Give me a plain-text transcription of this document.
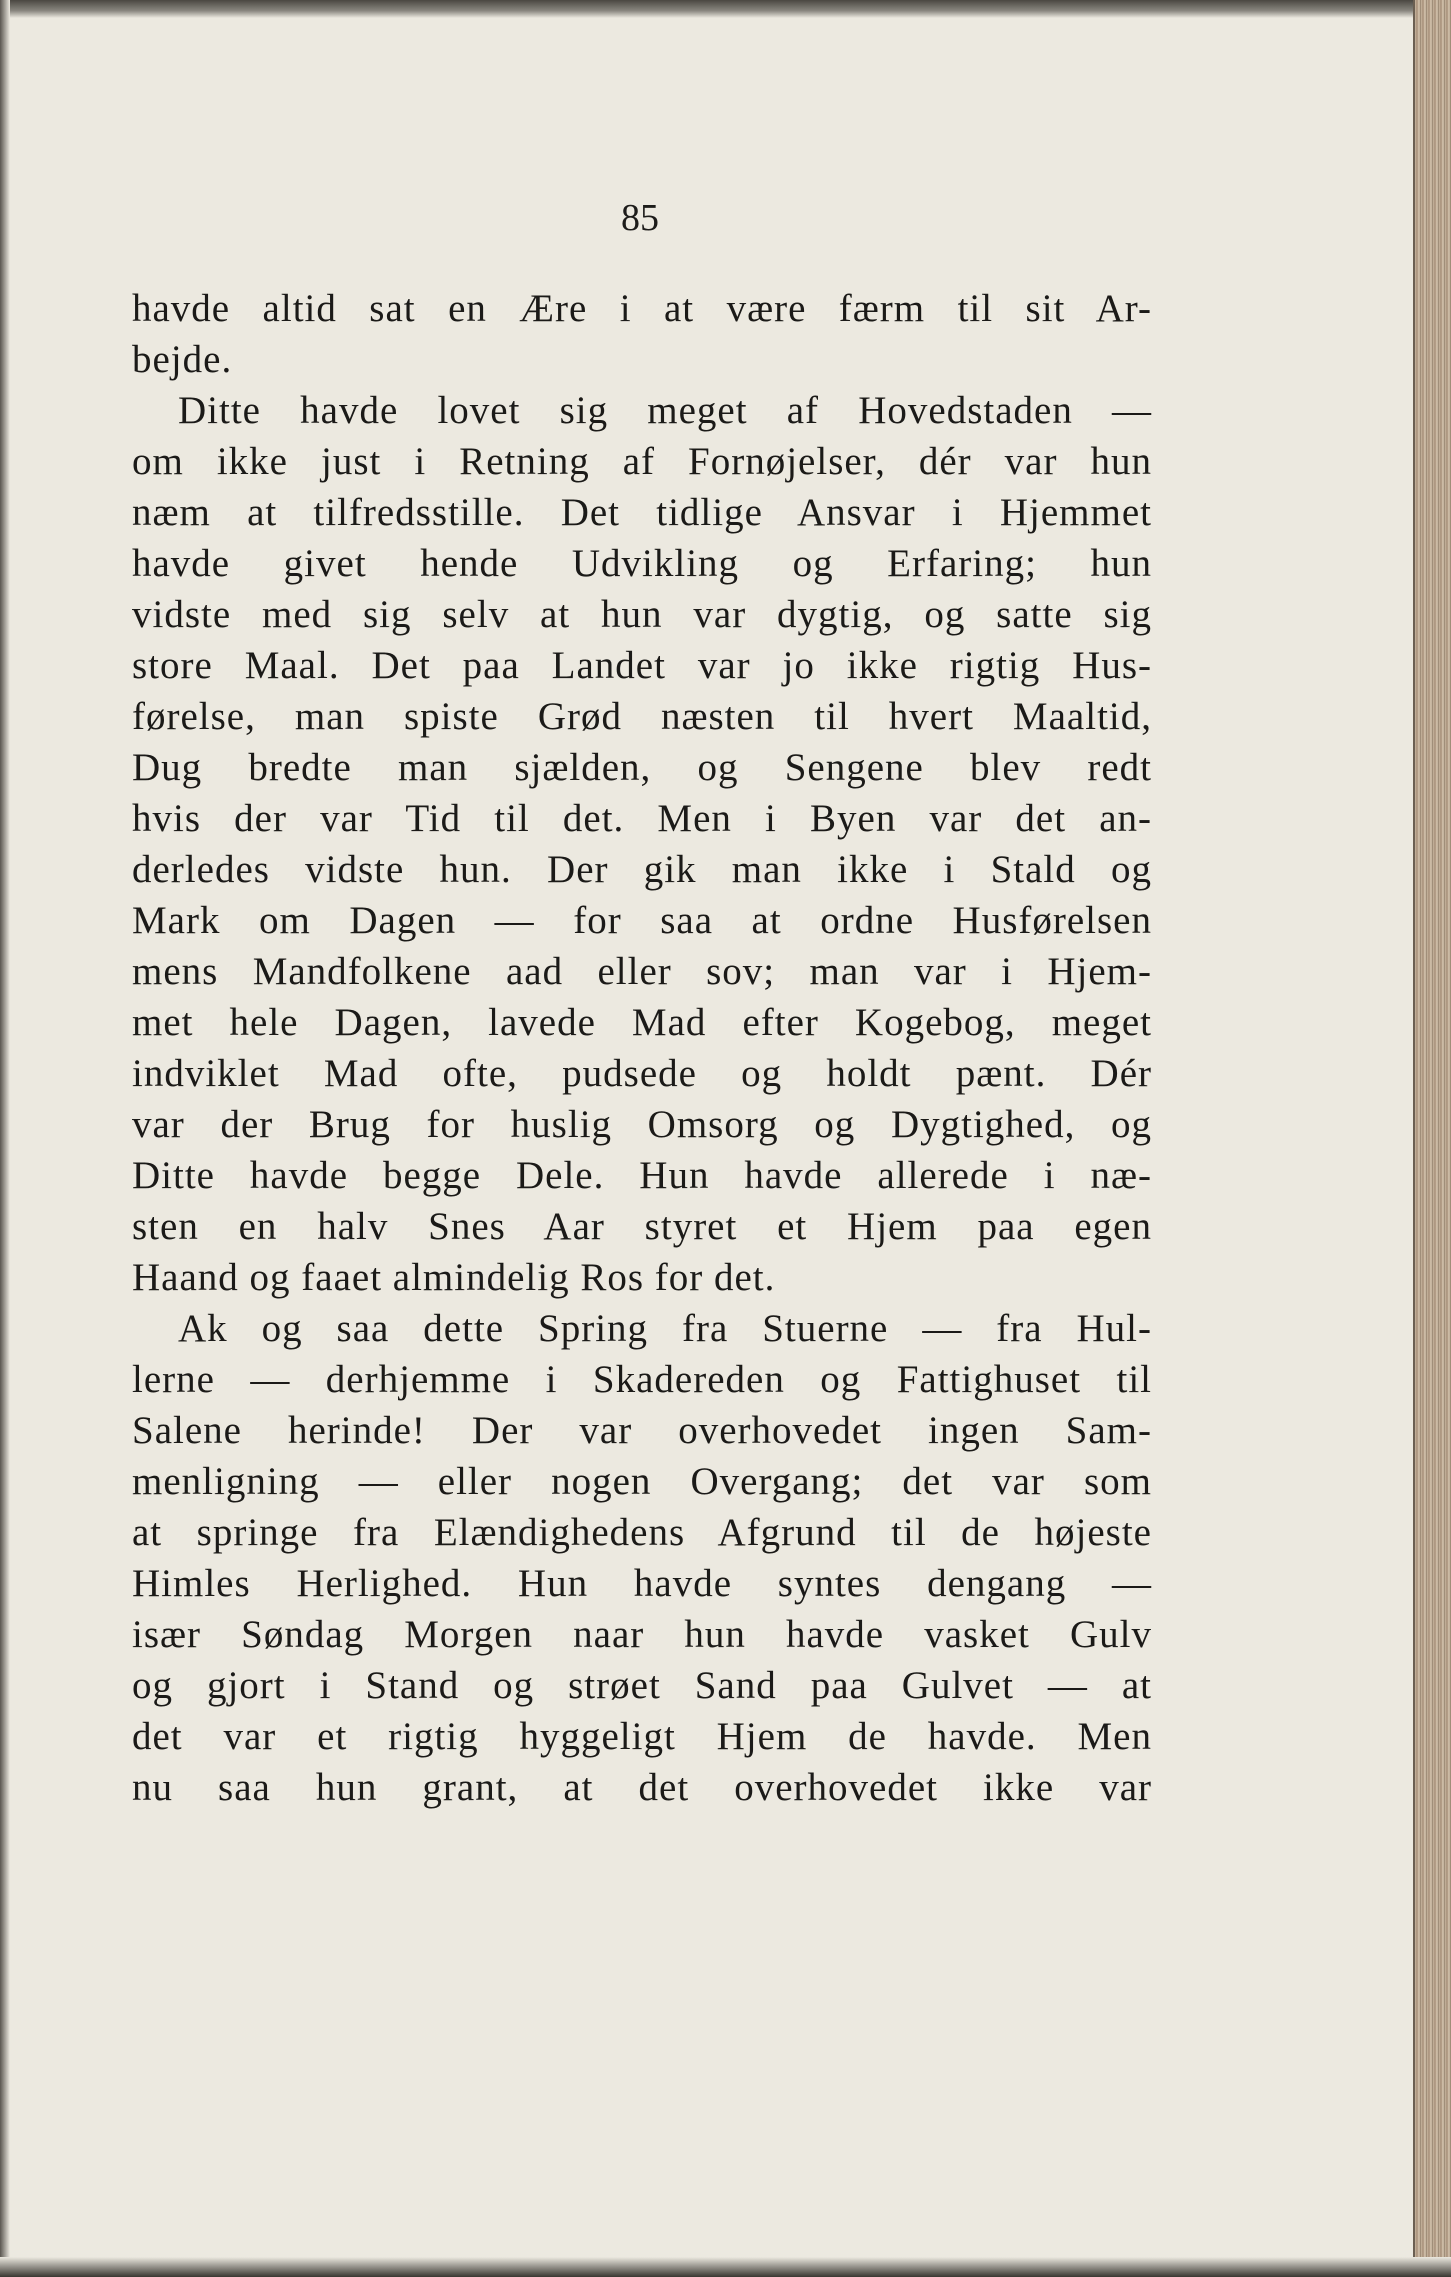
85
havde altid sat en Ære i at være færm til sit Ar-
bejde.
Ditte havde lovet sig meget af Hovedstaden —
om ikke just i Retning af Fornøjelser, dér var hun
næm at tilfredsstille. Det tidlige Ansvar i Hjemmet
havde givet hende Udvikling og Erfaring; hun
vidste med sig selv at hun var dygtig, og satte sig
store Maal. Det paa Landet var jo ikke rigtig Hus-
førelse, man spiste Grød næsten til hvert Maaltid,
Dug bredte man sjælden, og Sengene blev redt
hvis der var Tid til det. Men i Byen var det an-
derledes vidste hun. Der gik man ikke i Stald og
Mark om Dagen — for saa at ordne Husførelsen
mens Mandfolkene aad eller sov; man var i Hjem-
met hele Dagen, lavede Mad efter Kogebog, meget
indviklet Mad ofte, pudsede og holdt pænt. Dér
var der Brug for huslig Omsorg og Dygtighed, og
Ditte havde begge Dele. Hun havde allerede i næ-
sten en halv Snes Aar styret et Hjem paa egen
Haand og faaet almindelig Ros for det.
Ak og saa dette Spring fra Stuerne — fra Hul-
lerne — derhjemme i Skadereden og Fattighuset til
Salene herinde! Der var overhovedet ingen Sam-
menligning — eller nogen Overgang; det var som
at springe fra Elændighedens Afgrund til de højeste
Himles Herlighed. Hun havde syntes dengang —
især Søndag Morgen naar hun havde vasket Gulv
og gjort i Stand og strøet Sand paa Gulvet — at
det var et rigtig hyggeligt Hjem de havde. Men
nu saa hun grant, at det overhovedet ikke var
